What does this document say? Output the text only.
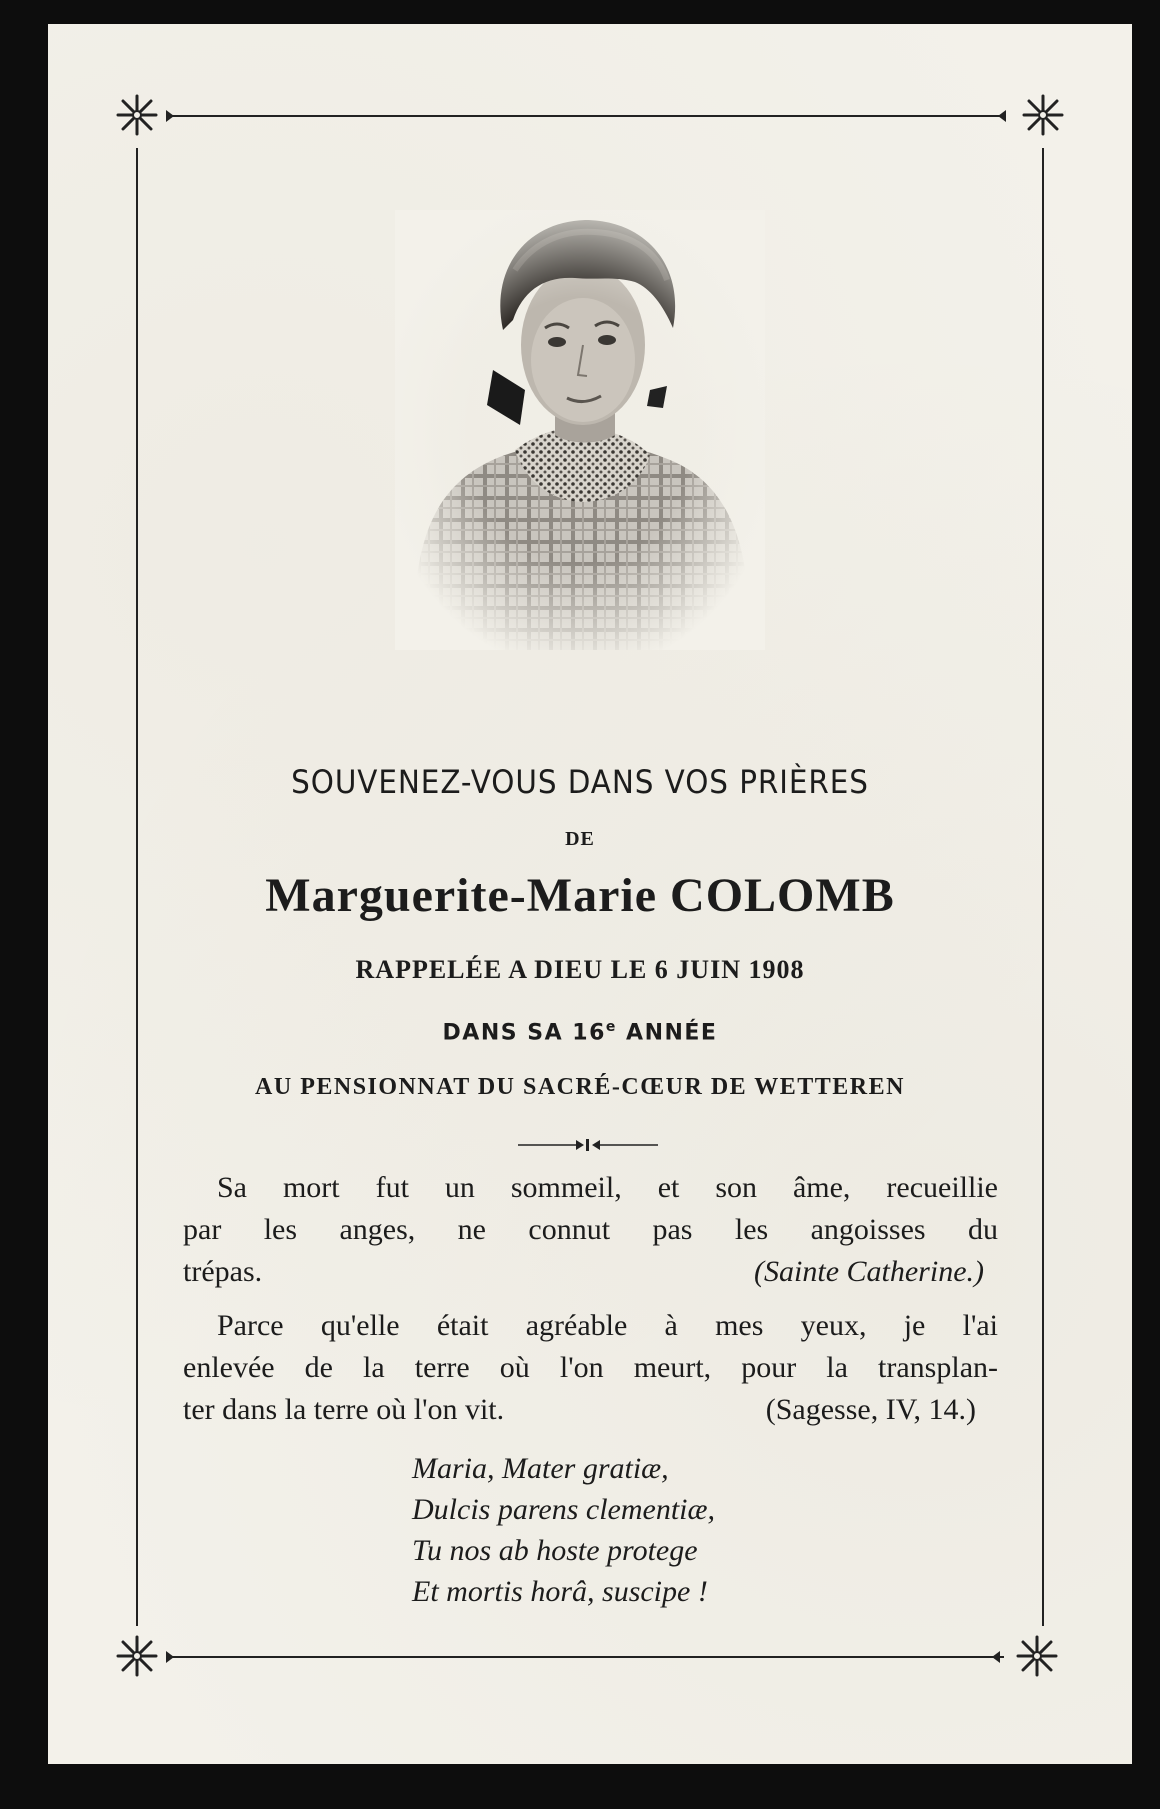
SOUVENEZ-VOUS DANS VOS PRIÈRES
DE
Marguerite-Marie COLOMB
RAPPELÉE A DIEU LE 6 JUIN 1908
DANS SA 16e ANNÉE
AU PENSIONNAT DU SACRÉ-CŒUR DE WETTEREN
Sa mort fut un sommeil, et son âme, recueillie
par les anges, ne connut pas les angoisses du
trépas.	(Sainte Catherine.)
Parce qu'elle était agréable à mes yeux, je l'ai
enlevée de la terre où l'on meurt, pour la transplan-
ter dans la terre où l'on vit.	(Sagesse, IV, 14.)
Maria, Mater gratiæ,
Dulcis parens clementiæ,
Tu nos ab hoste protege
Et mortis horâ, suscipe !
